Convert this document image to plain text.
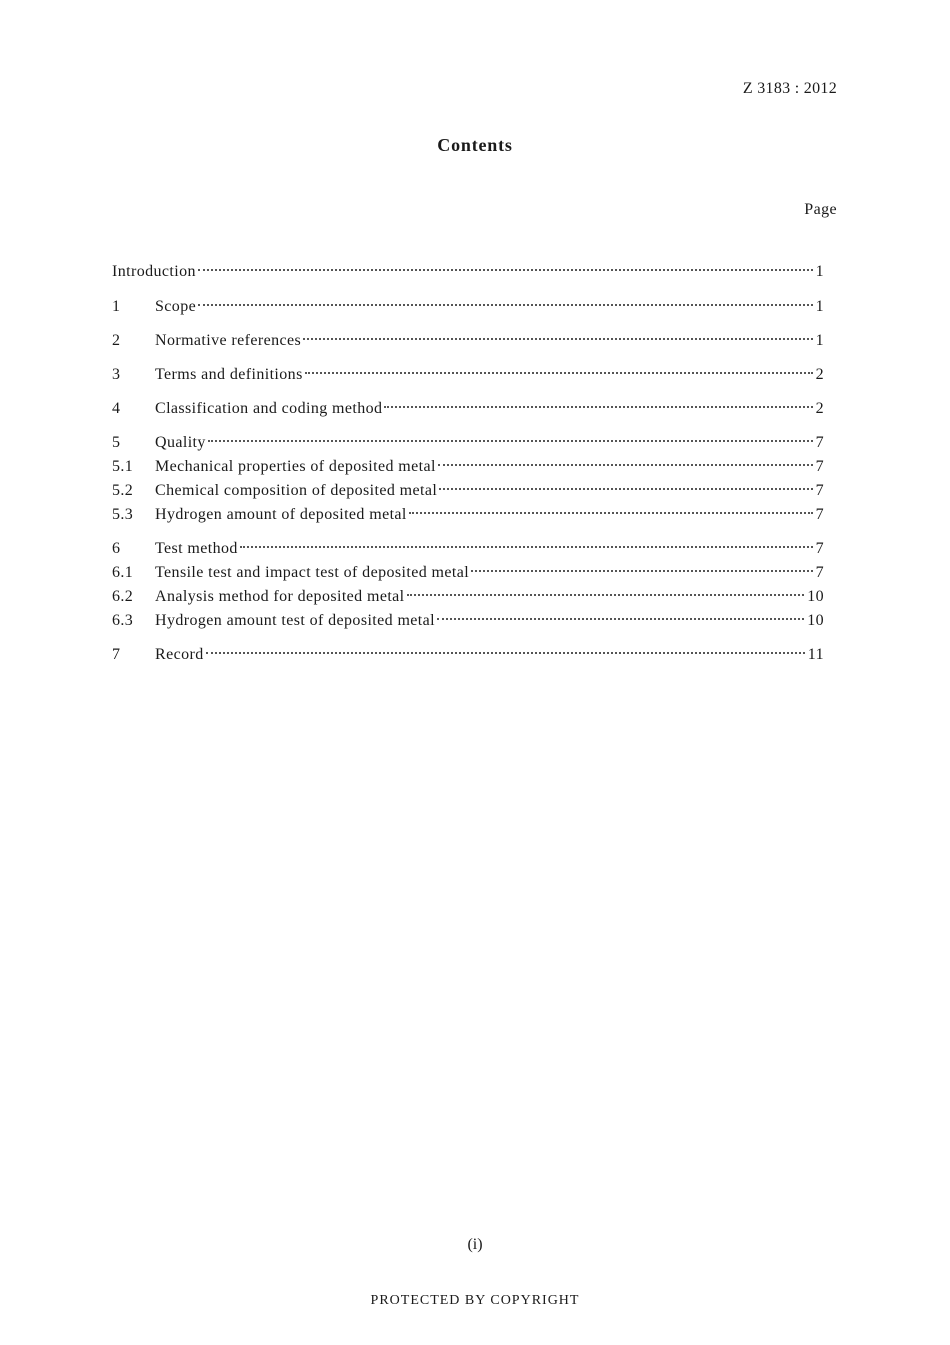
Z 3183 : 2012
Contents
Page
Introduction	1
1	Scope	1
2	Normative references	1
3	Terms and definitions	2
4	Classification and coding method	2
5	Quality	7
5.1	Mechanical properties of deposited metal	7
5.2	Chemical composition of deposited metal	7
5.3	Hydrogen amount of deposited metal	7
6	Test method	7
6.1	Tensile test and impact test of deposited metal	7
6.2	Analysis method for deposited metal	10
6.3	Hydrogen amount test of deposited metal	10
7	Record	11
(i)
PROTECTED BY COPYRIGHT
